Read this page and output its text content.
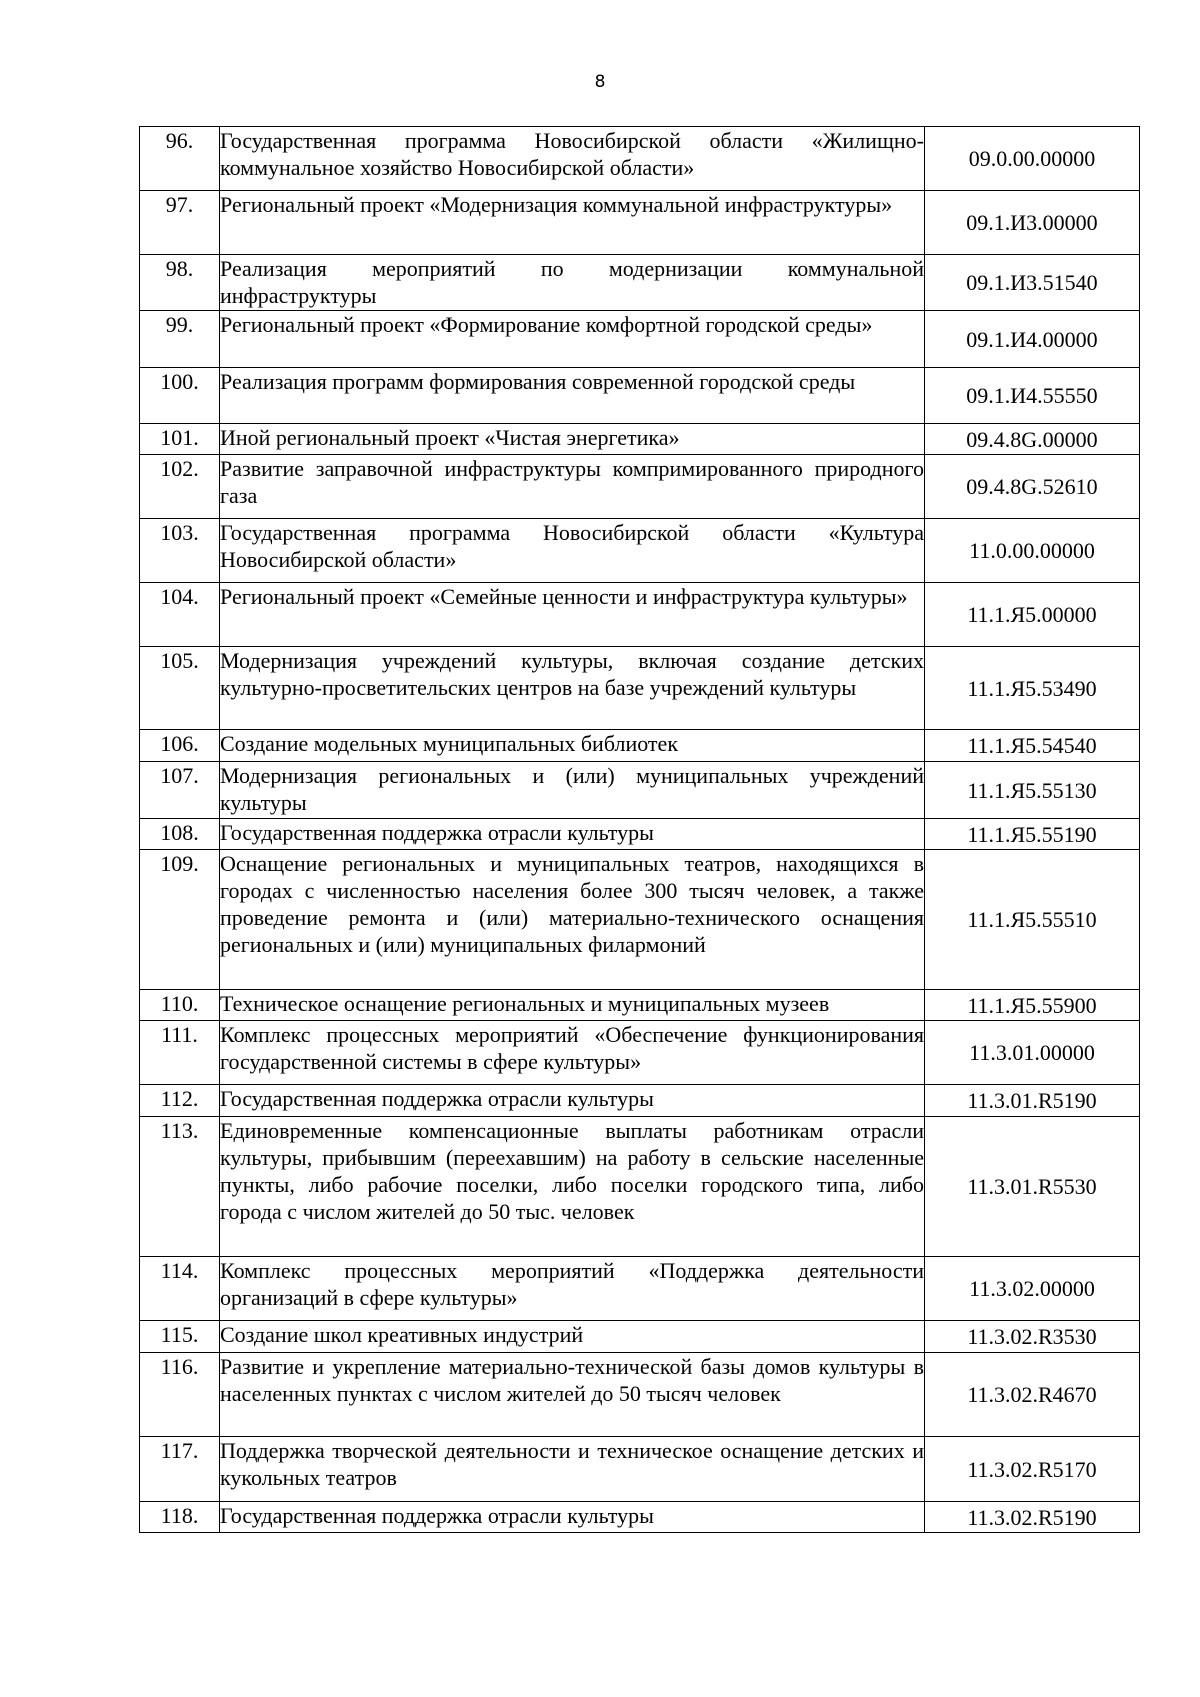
8
96.	Государственная программа Новосибирской области «Жилищно-коммунальное хозяйство Новосибирской области»	09.0.00.00000
97.	Региональный проект «Модернизация коммунальной инфраструктуры»	09.1.И3.00000
98.	Реализация мероприятий по модернизации коммунальной инфраструктуры	09.1.И3.51540
99.	Региональный проект «Формирование комфортной городской среды»	09.1.И4.00000
100.	Реализация программ формирования современной городской среды	09.1.И4.55550
101.	Иной региональный проект «Чистая энергетика»	09.4.8G.00000
102.	Развитие заправочной инфраструктуры компримированного природного газа	09.4.8G.52610
103.	Государственная программа Новосибирской области «Культура Новосибирской области»	11.0.00.00000
104.	Региональный проект «Семейные ценности и инфраструктура культуры»	11.1.Я5.00000
105.	Модернизация учреждений культуры, включая создание детских культурно-просветительских центров на базе учреждений культуры	11.1.Я5.53490
106.	Создание модельных муниципальных библиотек	11.1.Я5.54540
107.	Модернизация региональных и (или) муниципальных учреждений культуры	11.1.Я5.55130
108.	Государственная поддержка отрасли культуры	11.1.Я5.55190
109.	Оснащение региональных и муниципальных театров, находящихся в городах с численностью населения более 300 тысяч человек, а также проведение ремонта и (или) материально-технического оснащения региональных и (или) муниципальных филармоний	11.1.Я5.55510
110.	Техническое оснащение региональных и муниципальных музеев	11.1.Я5.55900
111.	Комплекс процессных мероприятий «Обеспечение функционирования государственной системы в сфере культуры»	11.3.01.00000
112.	Государственная поддержка отрасли культуры	11.3.01.R5190
113.	Единовременные компенсационные выплаты работникам отрасли культуры, прибывшим (переехавшим) на работу в сельские населенные пункты, либо рабочие поселки, либо поселки городского типа, либо города с числом жителей до 50 тыс. человек	11.3.01.R5530
114.	Комплекс процессных мероприятий «Поддержка деятельности организаций в сфере культуры»	11.3.02.00000
115.	Создание школ креативных индустрий	11.3.02.R3530
116.	Развитие и укрепление материально-технической базы домов культуры в населенных пунктах с числом жителей до 50 тысяч человек	11.3.02.R4670
117.	Поддержка творческой деятельности и техническое оснащение детских и кукольных театров	11.3.02.R5170
118.	Государственная поддержка отрасли культуры	11.3.02.R5190
